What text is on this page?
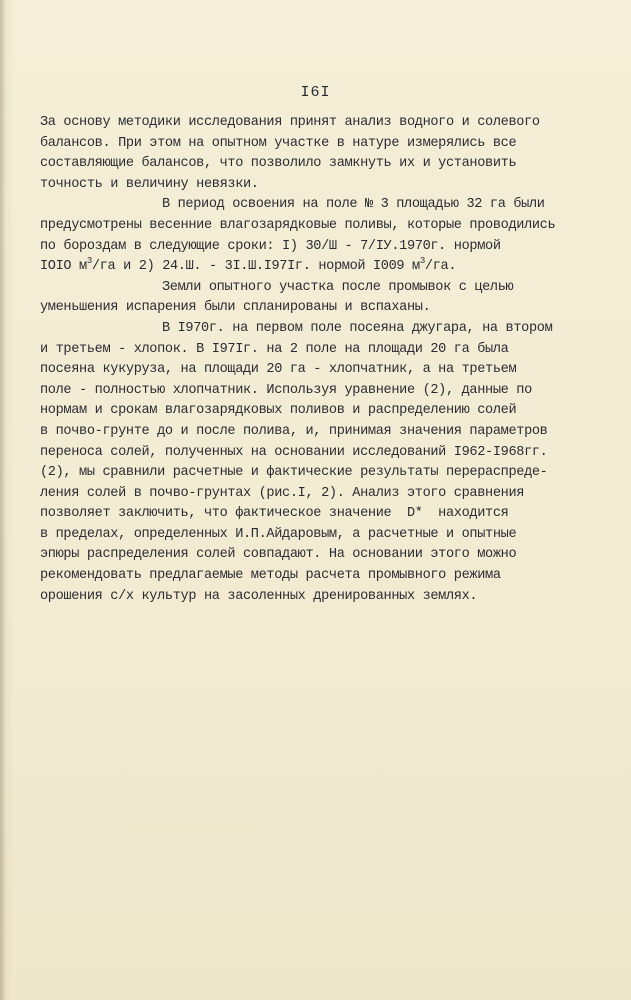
I6I
За основу методики исследования принят анализ водного и солевого
балансов. При этом на опытном участке в натуре измерялись все
составляющие балансов, что позволило замкнуть их и установить
точность и величину невязки.
В период освоения на поле № 3 площадью 32 га были
предусмотрены весенние влагозарядковые поливы, которые проводились
по бороздам в следующие сроки: I) 30/Ш - 7/IУ.1970г. нормой
IOIO $м^3/га$ и 2) 24.Ш. - 3I.Ш.I97Iг. нормой I009 $м^3/га$.
Земли опытного участка после промывок с целью
уменьшения испарения были спланированы и вспаханы.
В I970г. на первом поле посеяна джугара, на втором
и третьем - хлопок. В I97Iг. на 2 поле на площади 20 га была
посеяна кукуруза, на площади 20 га - хлопчатник, а на третьем
поле - полностью хлопчатник. Используя уравнение (2), данные по
нормам и срокам влагозарядковых поливов и распределению солей
в почво-грунте до и после полива, и, принимая значения параметров
переноса солей, полученных на основании исследований I962-I968гг.
(2), мы сравнили расчетные и фактические результаты перераспреде-
ления солей в почво-грунтах (рис.I, 2). Анализ этого сравнения
позволяет заключить, что фактическое значение  D*  находится
в пределах, определенных И.П.Айдаровым, а расчетные и опытные
эпюры распределения солей совпадают. На основании этого можно
рекомендовать предлагаемые методы расчета промывного режима
орошения с/х культур на засоленных дренированных землях.
